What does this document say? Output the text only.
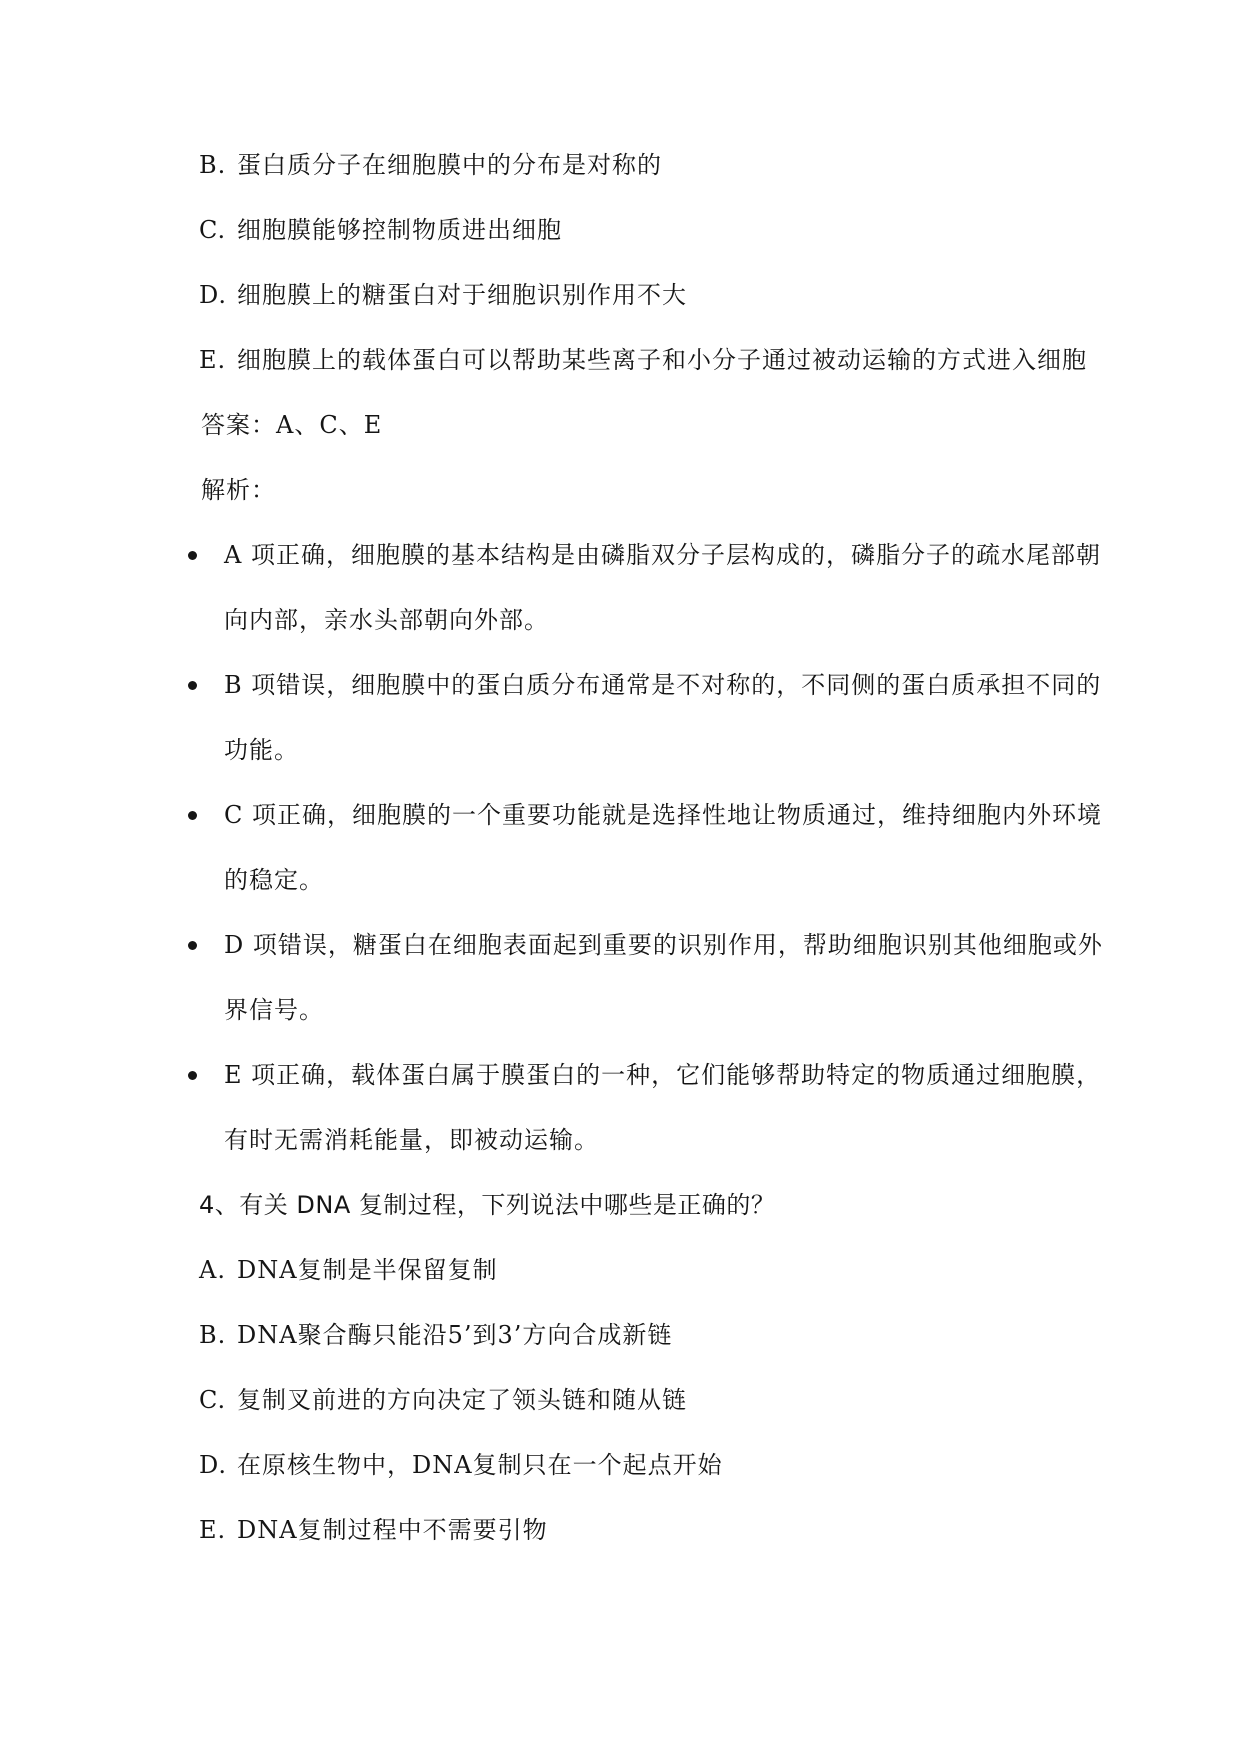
B. 蛋白质分子在细胞膜中的分布是对称的
C. 细胞膜能够控制物质进出细胞
D. 细胞膜上的糖蛋白对于细胞识别作用不大
E. 细胞膜上的载体蛋白可以帮助某些离子和小分子通过被动运输的方式进入细胞
答案：A、C、E
解析：
A 项正确，细胞膜的基本结构是由磷脂双分子层构成的，磷脂分子的疏水尾部朝
向内部，亲水头部朝向外部。
B 项错误，细胞膜中的蛋白质分布通常是不对称的，不同侧的蛋白质承担不同的
功能。
C 项正确，细胞膜的一个重要功能就是选择性地让物质通过，维持细胞内外环境
的稳定。
D 项错误，糖蛋白在细胞表面起到重要的识别作用，帮助细胞识别其他细胞或外
界信号。
E 项正确，载体蛋白属于膜蛋白的一种，它们能够帮助特定的物质通过细胞膜，
有时无需消耗能量，即被动运输。
4、有关 DNA 复制过程，下列说法中哪些是正确的？
A. DNA复制是半保留复制
B. DNA聚合酶只能沿5’到3’方向合成新链
C. 复制叉前进的方向决定了领头链和随从链
D. 在原核生物中，DNA复制只在一个起点开始
E. DNA复制过程中不需要引物
